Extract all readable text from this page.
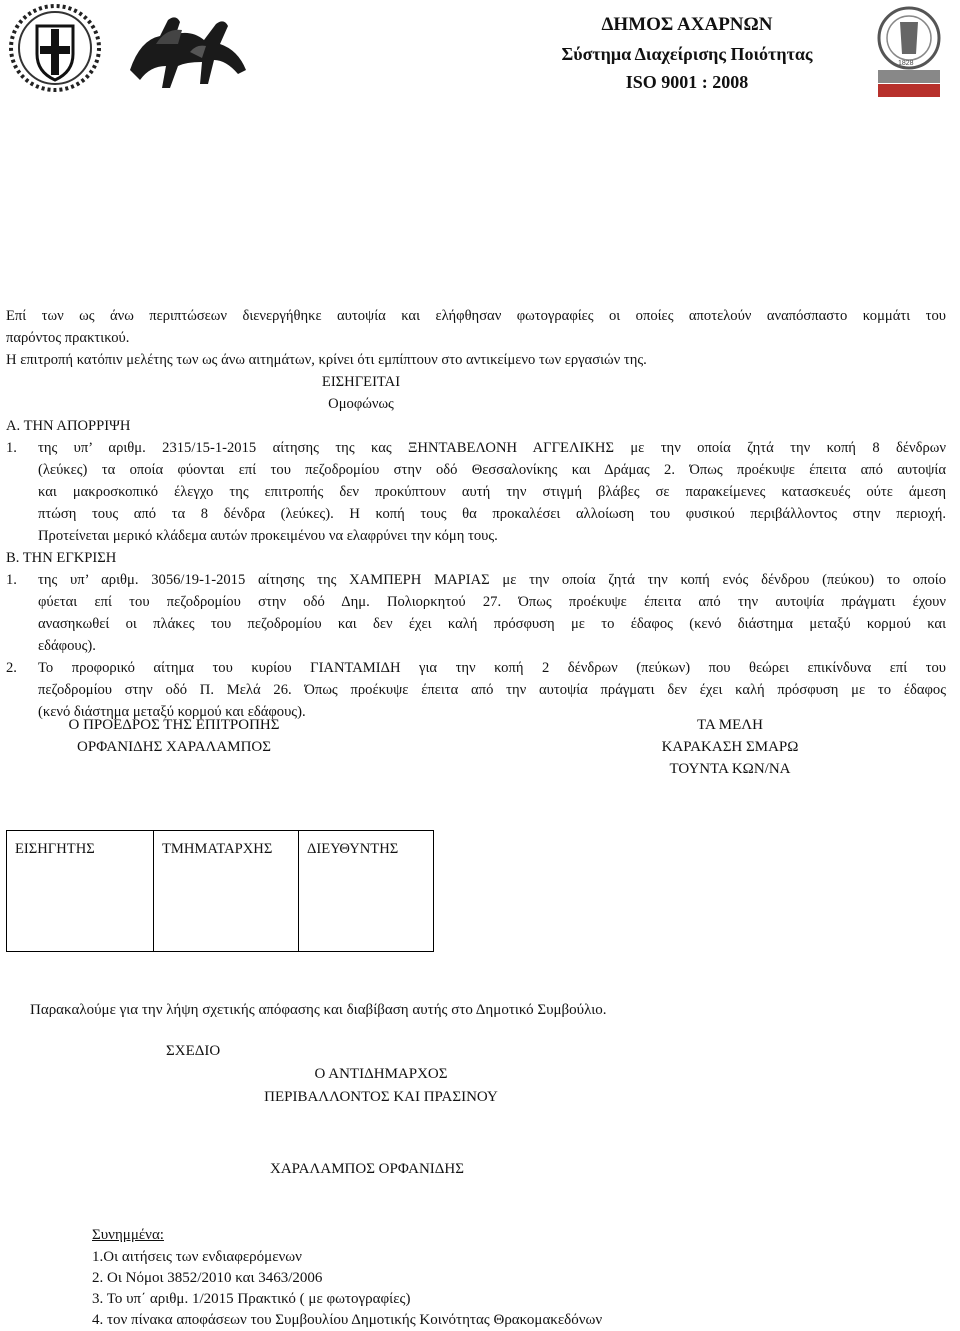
ΔΗΜΟΣ ΑΧΑΡΝΩΝ
Σύστημα Διαχείρισης Ποιότητας
ISO 9001 : 2008
1828

Επί των ως άνω περιπτώσεων διενεργήθηκε αυτοψία και ελήφθησαν φωτογραφίες οι οποίες αποτελούν αναπόσπαστο κομμάτι του

παρόντος πρακτικού.

Η επιτροπή κατόπιν μελέτης των ως άνω αιτημάτων, κρίνει ότι εμπίπτουν στο αντικείμενο των εργασιών της.

ΕΙΣΗΓΕΙΤΑΙ

Ομοφώνως

Α. ΤΗΝ ΑΠΟΡΡΙΨΗ

1. της υπ’ αριθμ. 2315/15-1-2015 αίτησης της κας ΞΗΝΤΑΒΕΛΟΝΗ ΑΓΓΕΛΙΚΗΣ με την οποία ζητά την κοπή 8 δένδρων

(λεύκες) τα οποία φύονται επί του πεζοδρομίου στην οδό Θεσσαλονίκης και Δράμας 2. Όπως προέκυψε έπειτα από αυτοψία

και μακροσκοπικό έλεγχο της επιτροπής δεν προκύπτουν αυτή την στιγμή βλάβες σε παρακείμενες κατασκευές ούτε άμεση

πτώση τους από τα 8 δένδρα (λεύκες). Η κοπή τους θα προκαλέσει αλλοίωση του φυσικού περιβάλλοντος στην περιοχή.

Προτείνεται μερικό κλάδεμα αυτών προκειμένου να ελαφρύνει την κόμη τους.

Β. ΤΗΝ ΕΓΚΡΙΣΗ

1. της υπ’ αριθμ. 3056/19-1-2015 αίτησης της ΧΑΜΠΕΡΗ ΜΑΡΙΑΣ με την οποία ζητά την κοπή ενός δένδρου (πεύκου) το οποίο

φύεται επί του πεζοδρομίου στην οδό Δημ. Πολιορκητού 27. Όπως προέκυψε έπειτα από την αυτοψία πράγματι έχουν

ανασηκωθεί οι πλάκες του πεζοδρομίου και δεν έχει καλή πρόσφυση με το έδαφος (κενό διάστημα μεταξύ κορμού και

εδάφους).

2. Το προφορικό αίτημα του κυρίου ΓΙΑΝΤΑΜΙΔΗ για την κοπή 2 δένδρων (πεύκων) που θεώρει επικίνδυνα επί του

πεζοδρομίου στην οδό Π. Μελά 26. Όπως προέκυψε έπειτα από την αυτοψία πράγματι δεν έχει καλή πρόσφυση με το έδαφος

(κενό διάστημα μεταξύ κορμού και εδάφους).

Ο ΠΡΟΕΔΡΟΣ ΤΗΣ ΕΠΙΤΡΟΠΗΣ
ΟΡΦΑΝΙΔΗΣ ΧΑΡΑΛΑΜΠΟΣ
ΤΑ ΜΕΛΗ
ΚΑΡΑΚΑΣΗ ΣΜΑΡΩ
ΤΟΥΝΤΑ ΚΩΝ/ΝΑ
ΕΙΣΗΓΗΤΗΣ	ΤΜΗΜΑΤΑΡΧΗΣ	ΔΙΕΥΘΥΝΤΗΣ

Παρακαλούμε για την λήψη σχετικής απόφασης και διαβίβαση αυτής στο Δημοτικό Συμβούλιο.

ΣΧΕΔΙΟ

Ο ΑΝΤΙΔΗΜΑΡΧΟΣ
ΠΕΡΙΒΑΛΛΟΝΤΟΣ ΚΑΙ ΠΡΑΣΙΝΟΥ
ΧΑΡΑΛΑΜΠΟΣ ΟΡΦΑΝΙΔΗΣ

Συνημμένα:

1.Οι αιτήσεις των ενδιαφερόμενων

2. Οι Νόμοι 3852/2010 και 3463/2006

3. Το υπ΄ αριθμ. 1/2015 Πρακτικό ( με φωτογραφίες)

4. τον πίνακα αποφάσεων του Συμβουλίου Δημοτικής Κοινότητας Θρακομακεδόνων
